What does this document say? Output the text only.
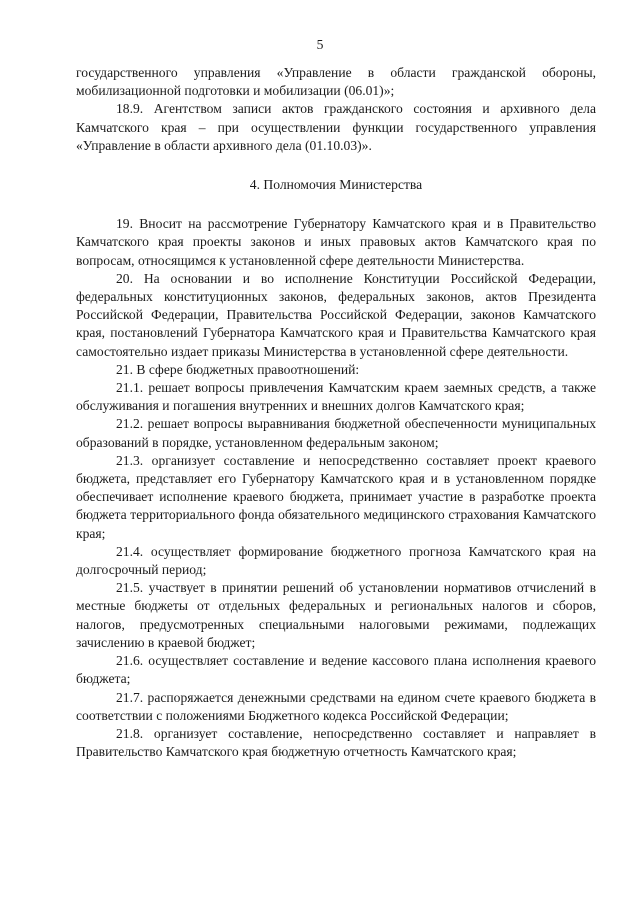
5

государственного управления «Управление в области гражданской обороны, мобилизационной подготовки и мобилизации (06.01)»;

18.9. Агентством записи актов гражданского состояния и архивного дела Камчатского края – при осуществлении функции государственного управления «Управление в области архивного дела (01.10.03)».

4. Полномочия Министерства

19. Вносит на рассмотрение Губернатору Камчатского края и в Правительство Камчатского края проекты законов и иных правовых актов Камчатского края по вопросам, относящимся к установленной сфере деятельности Министерства.

20. На основании и во исполнение Конституции Российской Федерации, федеральных конституционных законов, федеральных законов, актов Президента Российской Федерации, Правительства Российской Федерации, законов Камчатского края, постановлений Губернатора Камчатского края и Правительства Камчатского края самостоятельно издает приказы Министерства в установленной сфере деятельности.

21. В сфере бюджетных правоотношений:

21.1. решает вопросы привлечения Камчатским краем заемных средств, а также обслуживания и погашения внутренних и внешних долгов Камчатского края;

21.2. решает вопросы выравнивания бюджетной обеспеченности муниципальных образований в порядке, установленном федеральным законом;

21.3. организует составление и непосредственно составляет проект краевого бюджета, представляет его Губернатору Камчатского края и в установленном порядке обеспечивает исполнение краевого бюджета, принимает участие в разработке проекта бюджета территориального фонда обязательного медицинского страхования Камчатского края;

21.4. осуществляет формирование бюджетного прогноза Камчатского края на долгосрочный период;

21.5. участвует в принятии решений об установлении нормативов отчислений в местные бюджеты от отдельных федеральных и региональных налогов и сборов, налогов, предусмотренных специальными налоговыми режимами, подлежащих зачислению в краевой бюджет;

21.6. осуществляет составление и ведение кассового плана исполнения краевого бюджета;

21.7. распоряжается денежными средствами на едином счете краевого бюджета в соответствии с положениями Бюджетного кодекса Российской Федерации;

21.8. организует составление, непосредственно составляет и направляет в Правительство Камчатского края бюджетную отчетность Камчатского края;
